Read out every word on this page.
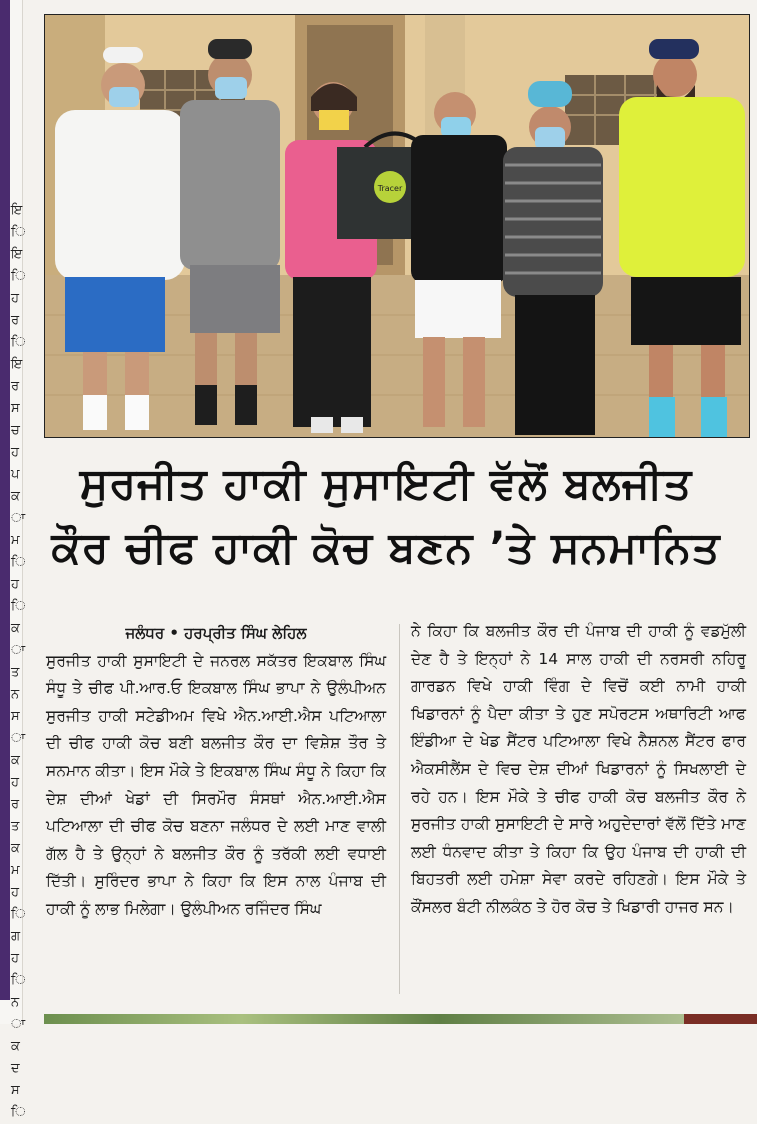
ਇ
ਿ
ਇ
ਿ
ਹ
ਰ
ਿ
ਇ
ਰ
ਸ
ਚ
ਹ
ਪ
ਕ
ਾ
ਮ
ਿ
ਹ
ਿ
ਕ
ਾ
ਤ
ਨ
ਸ
ਾ
ਕ
ਹ
ਰ
ਤ
ਕ
ਮ
ਹ
ਿ
ਗ
ਹ
ਿ
ਨ
ਾ
ਕ
ਦ
ਸ
ਿ
Tracer
ਸੁਰਜੀਤ ਹਾਕੀ ਸੁਸਾਇਟੀ ਵੱਲੋਂ ਬਲਜੀਤ
ਕੌਰ ਚੀਫ ਹਾਕੀ ਕੋਚ ਬਣਨ ’ਤੇ ਸਨਮਾਨਿਤ
ਜਲੰਧਰ • ਹਰਪ੍ਰੀਤ ਸਿੰਘ ਲੇਹਿਲ
ਸੁਰਜੀਤ ਹਾਕੀ ਸੁਸਾਇਟੀ ਦੇ ਜਨਰਲ ਸਕੱਤਰ ਇਕਬਾਲ ਸਿੰਘ ਸੰਧੂ ਤੇ ਚੀਫ ਪੀ.ਆਰ.ਓ ਇਕਬਾਲ ਸਿੰਘ ਭਾਪਾ ਨੇ ਉਲੰਪੀਅਨ ਸੁਰਜੀਤ ਹਾਕੀ ਸਟੇਡੀਅਮ ਵਿਖੇ ਐਨ.ਆਈ.ਐਸ ਪਟਿਆਲਾ ਦੀ ਚੀਫ ਹਾਕੀ ਕੋਚ ਬਣੀ ਬਲਜੀਤ ਕੌਰ ਦਾ ਵਿਸ਼ੇਸ਼ ਤੌਰ ਤੇ ਸਨਮਾਨ ਕੀਤਾ। ਇਸ ਮੌਕੇ ਤੇ ਇਕਬਾਲ ਸਿੰਘ ਸੰਧੂ ਨੇ ਕਿਹਾ ਕਿ ਦੇਸ਼ ਦੀਆਂ ਖੇਡਾਂ ਦੀ ਸਿਰਮੌਰ ਸੰਸਥਾਂ ਐਨ.ਆਈ.ਐਸ ਪਟਿਆਲਾ ਦੀ ਚੀਫ ਕੋਚ ਬਣਨਾ ਜਲੰਧਰ ਦੇ ਲਈ ਮਾਣ ਵਾਲੀ ਗੱਲ ਹੈ ਤੇ ਉਨ੍ਹਾਂ ਨੇ ਬਲਜੀਤ ਕੌਰ ਨੂੰ ਤਰੱਕੀ ਲਈ ਵਧਾਈ ਦਿੱਤੀ। ਸੁਰਿੰਦਰ ਭਾਪਾ ਨੇ ਕਿਹਾ ਕਿ ਇਸ ਨਾਲ ਪੰਜਾਬ ਦੀ ਹਾਕੀ ਨੂੰ ਲਾਭ ਮਿਲੇਗਾ। ਉਲੰਪੀਅਨ ਰਜਿੰਦਰ ਸਿੰਘ
ਨੇ ਕਿਹਾ ਕਿ ਬਲਜੀਤ ਕੌਰ ਦੀ ਪੰਜਾਬ ਦੀ ਹਾਕੀ ਨੂੰ ਵਡਮੁੱਲੀ ਦੇਣ ਹੈ ਤੇ ਇਨ੍ਹਾਂ ਨੇ 14 ਸਾਲ ਹਾਕੀ ਦੀ ਨਰਸਰੀ ਨਹਿਰੂ ਗਾਰਡਨ ਵਿਖੇ ਹਾਕੀ ਵਿੰਗ ਦੇ ਵਿਚੋਂ ਕਈ ਨਾਮੀ ਹਾਕੀ ਖਿਡਾਰਨਾਂ ਨੂੰ ਪੈਦਾ ਕੀਤਾ ਤੇ ਹੁਣ ਸਪੋਰਟਸ ਅਥਾਰਿਟੀ ਆਫ ਇੰਡੀਆ ਦੇ ਖੇਡ ਸੈਂਟਰ ਪਟਿਆਲਾ ਵਿਖੇ ਨੈਸ਼ਨਲ ਸੈਂਟਰ ਫਾਰ ਐਕਸੀਲੈਂਸ ਦੇ ਵਿਚ ਦੇਸ਼ ਦੀਆਂ ਖਿਡਾਰਨਾਂ ਨੂੰ ਸਿਖਲਾਈ ਦੇ ਰਹੇ ਹਨ। ਇਸ ਮੌਕੇ ਤੇ ਚੀਫ ਹਾਕੀ ਕੋਚ ਬਲਜੀਤ ਕੌਰ ਨੇ ਸੁਰਜੀਤ ਹਾਕੀ ਸੁਸਾਇਟੀ ਦੇ ਸਾਰੇ ਅਹੁਦੇਦਾਰਾਂ ਵੱਲੋਂ ਦਿੱਤੇ ਮਾਣ ਲਈ ਧੰਨਵਾਦ ਕੀਤਾ ਤੇ ਕਿਹਾ ਕਿ ਉਹ ਪੰਜਾਬ ਦੀ ਹਾਕੀ ਦੀ ਬਿਹਤਰੀ ਲਈ ਹਮੇਸ਼ਾ ਸੇਵਾ ਕਰਦੇ ਰਹਿਣਗੇ। ਇਸ ਮੌਕੇ ਤੇ ਕੌਂਸਲਰ ਬੰਟੀ ਨੀਲਕੰਠ ਤੇ ਹੋਰ ਕੋਚ ਤੇ ਖਿਡਾਰੀ ਹਾਜਰ ਸਨ।
